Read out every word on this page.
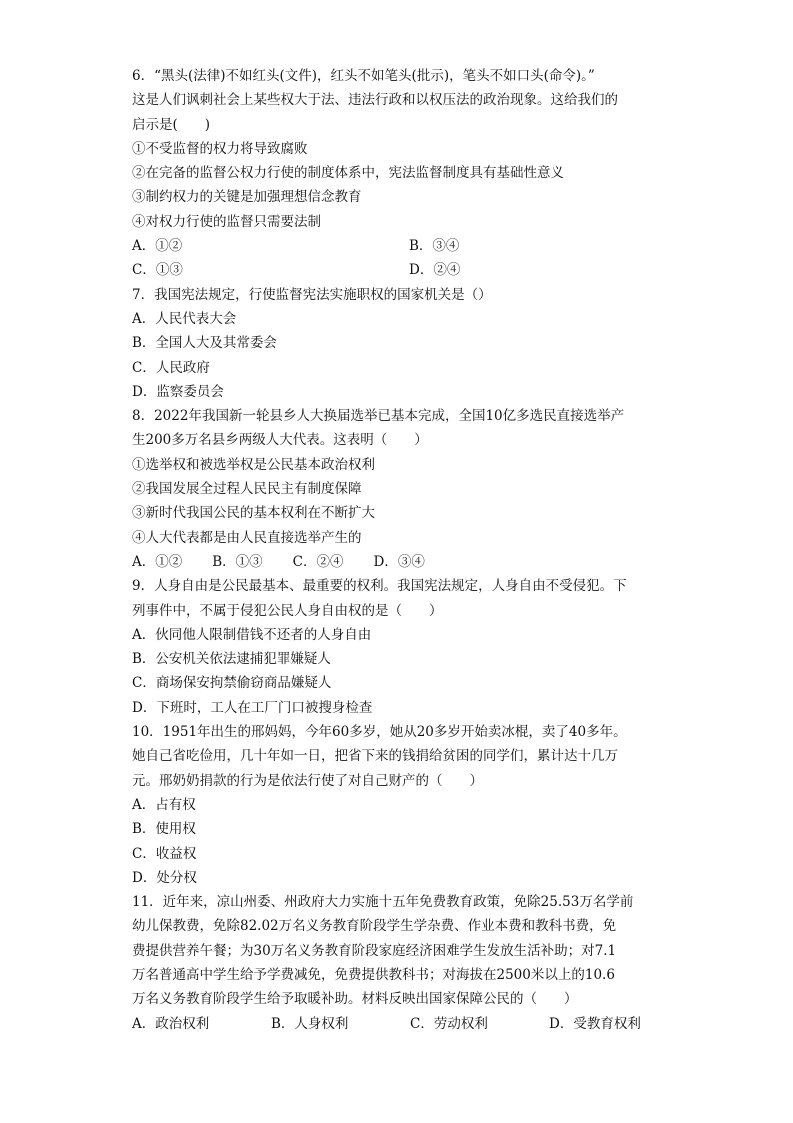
6．“黑头(法律)不如红头(文件)，红头不如笔头(批示)，笔头不如口头(命令)。”
这是人们讽刺社会上某些权大于法、违法行政和以权压法的政治现象。这给我们的
启示是(　　)
①不受监督的权力将导致腐败
②在完备的监督公权力行使的制度体系中，宪法监督制度具有基础性意义
③制约权力的关键是加强理想信念教育
④对权力行使的监督只需要法制
A．①②	B．③④
C．①③	D．②④
7．我国宪法规定，行使监督宪法实施职权的国家机关是（）
A．人民代表大会
B．全国人大及其常委会
C．人民政府
D．监察委员会
8．2022年我国新一轮县乡人大换届选举已基本完成，全国10亿多选民直接选举产
生200多万名县乡两级人大代表。这表明（　　）
①选举权和被选举权是公民基本政治权利
②我国发展全过程人民民主有制度保障
③新时代我国公民的基本权利在不断扩大
④人大代表都是由人民直接选举产生的
A．①② B．①③ C．②④ D．③④
9．人身自由是公民最基本、最重要的权利。我国宪法规定，人身自由不受侵犯。下
列事件中，不属于侵犯公民人身自由权的是（　　）
A．伙同他人限制借钱不还者的人身自由
B．公安机关依法逮捕犯罪嫌疑人
C．商场保安拘禁偷窃商品嫌疑人
D．下班时，工人在工厂门口被搜身检查
10．1951年出生的邢妈妈，今年60多岁，她从20多岁开始卖冰棍，卖了40多年。
她自己省吃俭用，几十年如一日，把省下来的钱捐给贫困的同学们，累计达十几万
元。邢奶奶捐款的行为是依法行使了对自己财产的（　　）
A．占有权
B．使用权
C．收益权
D．处分权
11．近年来，凉山州委、州政府大力实施十五年免费教育政策，免除25.53万名学前
幼儿保教费，免除82.02万名义务教育阶段学生学杂费、作业本费和教科书费，免
费提供营养午餐；为30万名义务教育阶段家庭经济困难学生发放生活补助；对7.1
万名普通高中学生给予学费减免，免费提供教科书；对海拔在2500米以上的10.6
万名义务教育阶段学生给予取暖补助。材料反映出国家保障公民的（　　）
A．政治权利	B．人身权利	C．劳动权利	D．受教育权利
